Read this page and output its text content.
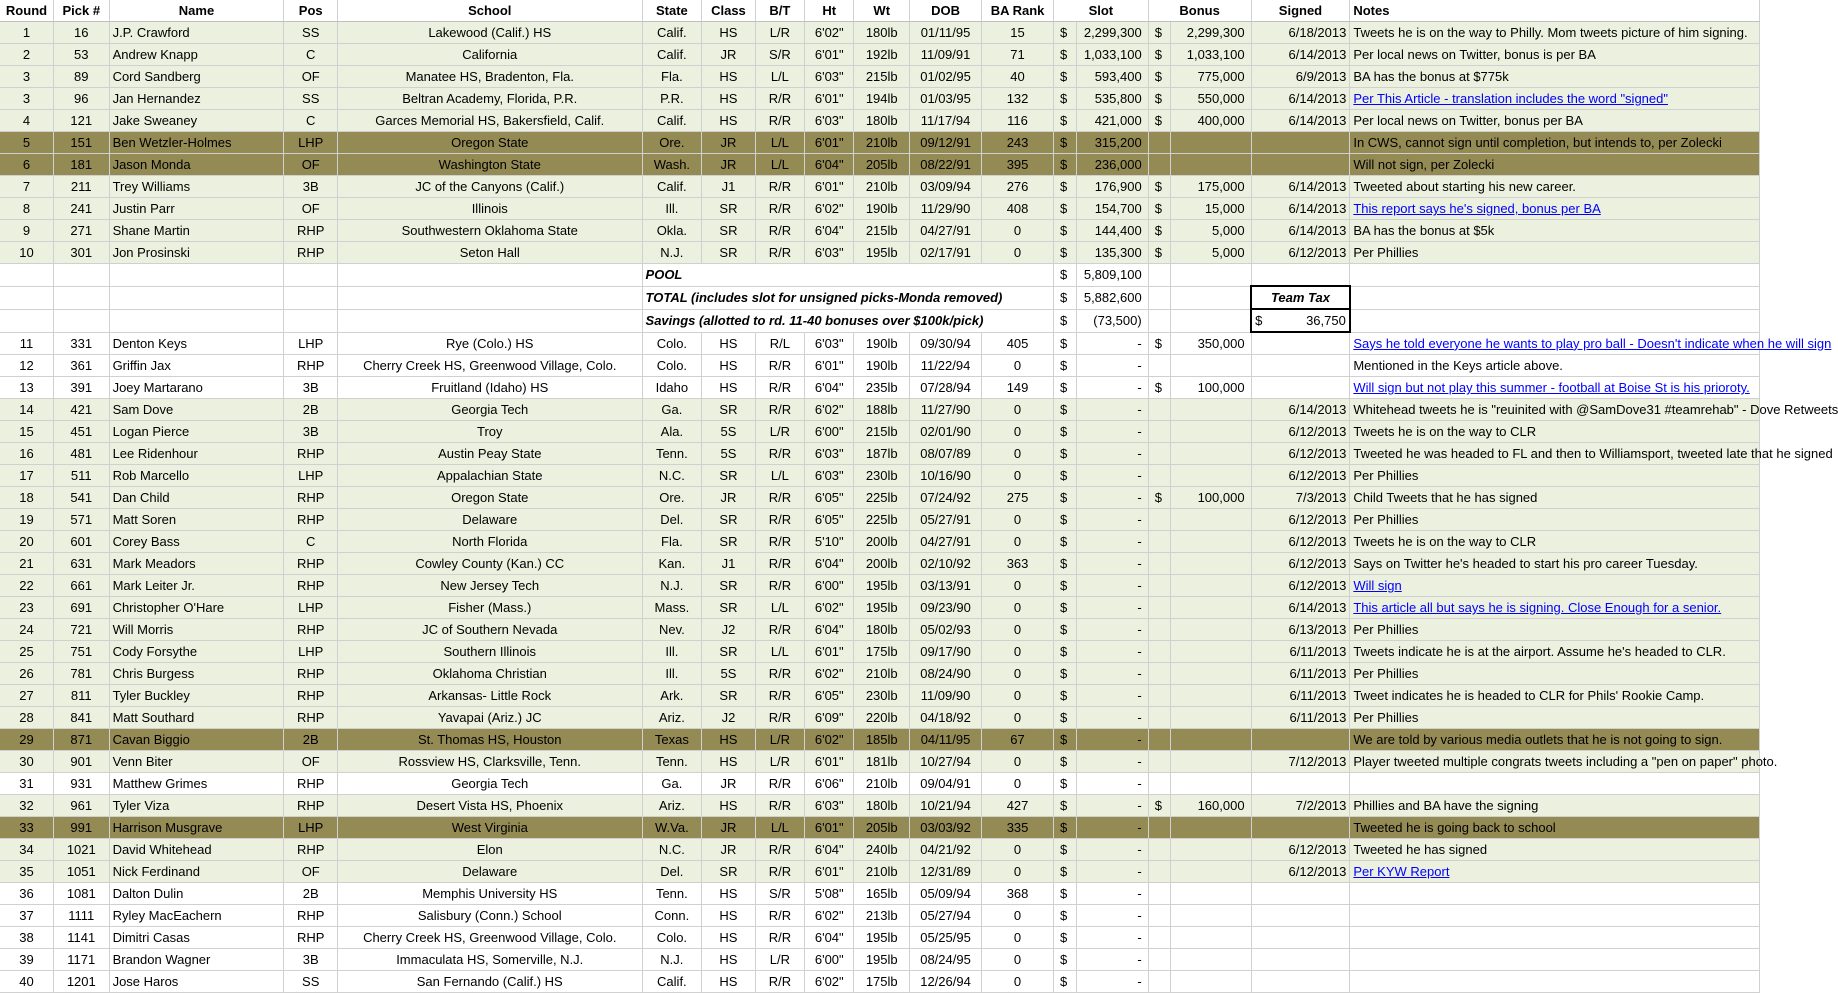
Round	Pick #	Name	Pos	School	State	Class	B/T	Ht	Wt	DOB	BA Rank	Slot		Bonus		Signed	Notes
1	16	J.P. Crawford	SS	Lakewood (Calif.) HS	Calif.	HS	L/R	6'02"	180lb	01/11/95	15	$	2,299,300	$	2,299,300	6/18/2013	Tweets he is on the way to Philly. Mom tweets picture of him signing.
2	53	Andrew Knapp	C	California	Calif.	JR	S/R	6'01"	192lb	11/09/91	71	$	1,033,100	$	1,033,100	6/14/2013	Per local news on Twitter, bonus is per BA
3	89	Cord Sandberg	OF	Manatee HS, Bradenton, Fla.	Fla.	HS	L/L	6'03"	215lb	01/02/95	40	$	593,400	$	775,000	6/9/2013	BA has the bonus at $775k
3	96	Jan Hernandez	SS	Beltran Academy, Florida, P.R.	P.R.	HS	R/R	6'01"	194lb	01/03/95	132	$	535,800	$	550,000	6/14/2013	Per This Article - translation includes the word "signed"
4	121	Jake Sweaney	C	Garces Memorial HS, Bakersfield, Calif.	Calif.	HS	R/R	6'03"	180lb	11/17/94	116	$	421,000	$	400,000	6/14/2013	Per local news on Twitter, bonus per BA
5	151	Ben Wetzler-Holmes	LHP	Oregon State	Ore.	JR	L/L	6'01"	210lb	09/12/91	243	$	315,200				In CWS, cannot sign until completion, but intends to, per Zolecki
6	181	Jason Monda	OF	Washington State	Wash.	JR	L/L	6'04"	205lb	08/22/91	395	$	236,000				Will not sign, per Zolecki
7	211	Trey Williams	3B	JC of the Canyons (Calif.)	Calif.	J1	R/R	6'01"	210lb	03/09/94	276	$	176,900	$	175,000	6/14/2013	Tweeted about starting his new career.
8	241	Justin Parr	OF	Illinois	Ill.	SR	R/R	6'02"	190lb	11/29/90	408	$	154,700	$	15,000	6/14/2013	This report says he's signed, bonus per BA
9	271	Shane Martin	RHP	Southwestern Oklahoma State	Okla.	SR	R/R	6'04"	215lb	04/27/91	0	$	144,400	$	5,000	6/14/2013	BA has the bonus at $5k
10	301	Jon Prosinski	RHP	Seton Hall	N.J.	SR	R/R	6'03"	195lb	02/17/91	0	$	135,300	$	5,000	6/12/2013	Per Phillies
					POOL							$	5,809,100				
					TOTAL (includes slot for unsigned picks-Monda removed)							$	5,882,600			Team Tax	
					Savings (allotted to rd. 11-40 bonuses over $100k/pick)							$	(73,500)			$ 36,750	

11	331	Denton Keys	LHP	Rye (Colo.) HS	Colo.	HS	R/L	6'03"	190lb	09/30/94	405	$	-	$	350,000		Says he told everyone he wants to play pro ball - Doesn't indicate when he will sign
12	361	Griffin Jax	RHP	Cherry Creek HS, Greenwood Village, Colo.	Colo.	HS	R/R	6'01"	190lb	11/22/94	0	$	-				Mentioned in the Keys article above.
13	391	Joey Martarano	3B	Fruitland (Idaho) HS	Idaho	HS	R/R	6'04"	235lb	07/28/94	149	$	-	$	100,000		Will sign but not play this summer - football at Boise St is his prioroty.
14	421	Sam Dove	2B	Georgia Tech	Ga.	SR	R/R	6'02"	188lb	11/27/90	0	$	-			6/14/2013	Whitehead tweets he is "reuinited with @SamDove31 #teamrehab" - Dove Retweets
15	451	Logan Pierce	3B	Troy	Ala.	5S	L/R	6'00"	215lb	02/01/90	0	$	-			6/12/2013	Tweets he is on the way to CLR
16	481	Lee Ridenhour	RHP	Austin Peay State	Tenn.	5S	R/R	6'03"	187lb	08/07/89	0	$	-			6/12/2013	Tweeted he was headed to FL and then to Williamsport, tweeted late that he signed
17	511	Rob Marcello	LHP	Appalachian State	N.C.	SR	L/L	6'03"	230lb	10/16/90	0	$	-			6/12/2013	Per Phillies
18	541	Dan Child	RHP	Oregon State	Ore.	JR	R/R	6'05"	225lb	07/24/92	275	$	-	$	100,000	7/3/2013	Child Tweets that he has signed
19	571	Matt Soren	RHP	Delaware	Del.	SR	R/R	6'05"	225lb	05/27/91	0	$	-			6/12/2013	Per Phillies
20	601	Corey Bass	C	North Florida	Fla.	SR	R/R	5'10"	200lb	04/27/91	0	$	-			6/12/2013	Tweets he is on the way to CLR
21	631	Mark Meadors	RHP	Cowley County (Kan.) CC	Kan.	J1	R/R	6'04"	200lb	02/10/92	363	$	-			6/12/2013	Says on Twitter he's headed to start his pro career Tuesday.
22	661	Mark Leiter Jr.	RHP	New Jersey Tech	N.J.	SR	R/R	6'00"	195lb	03/13/91	0	$	-			6/12/2013	Will sign
23	691	Christopher O'Hare	LHP	Fisher (Mass.)	Mass.	SR	L/L	6'02"	195lb	09/23/90	0	$	-			6/14/2013	This article all but says he is signing. Close Enough for a senior.
24	721	Will Morris	RHP	JC of Southern Nevada	Nev.	J2	R/R	6'04"	180lb	05/02/93	0	$	-			6/13/2013	Per Phillies
25	751	Cody Forsythe	LHP	Southern Illinois	Ill.	SR	L/L	6'01"	175lb	09/17/90	0	$	-			6/11/2013	Tweets indicate he is at the airport. Assume he's headed to CLR.
26	781	Chris Burgess	RHP	Oklahoma Christian	Ill.	5S	R/R	6'02"	210lb	08/24/90	0	$	-			6/11/2013	Per Phillies
27	811	Tyler Buckley	RHP	Arkansas- Little Rock	Ark.	SR	R/R	6'05"	230lb	11/09/90	0	$	-			6/11/2013	Tweet indicates he is headed to CLR for Phils' Rookie Camp.
28	841	Matt Southard	RHP	Yavapai (Ariz.) JC	Ariz.	J2	R/R	6'09"	220lb	04/18/92	0	$	-			6/11/2013	Per Phillies
29	871	Cavan Biggio	2B	St. Thomas HS, Houston	Texas	HS	L/R	6'02"	185lb	04/11/95	67	$	-				We are told by various media outlets that he is not going to sign.
30	901	Venn Biter	OF	Rossview HS, Clarksville, Tenn.	Tenn.	HS	L/R	6'01"	181lb	10/27/94	0	$	-			7/12/2013	Player tweeted multiple congrats tweets including a "pen on paper" photo.
31	931	Matthew Grimes	RHP	Georgia Tech	Ga.	JR	R/R	6'06"	210lb	09/04/91	0	$	-				
32	961	Tyler Viza	RHP	Desert Vista HS, Phoenix	Ariz.	HS	R/R	6'03"	180lb	10/21/94	427	$	-	$	160,000	7/2/2013	Phillies and BA have the signing
33	991	Harrison Musgrave	LHP	West Virginia	W.Va.	JR	L/L	6'01"	205lb	03/03/92	335	$	-				Tweeted he is going back to school
34	1021	David Whitehead	RHP	Elon	N.C.	JR	R/R	6'04"	240lb	04/21/92	0	$	-			6/12/2013	Tweeted he has signed
35	1051	Nick Ferdinand	OF	Delaware	Del.	SR	R/R	6'01"	210lb	12/31/89	0	$	-			6/12/2013	Per KYW Report
36	1081	Dalton Dulin	2B	Memphis University HS	Tenn.	HS	S/R	5'08"	165lb	05/09/94	368	$	-				
37	1111	Ryley MacEachern	RHP	Salisbury (Conn.) School	Conn.	HS	R/R	6'02"	213lb	05/27/94	0	$	-				
38	1141	Dimitri Casas	RHP	Cherry Creek HS, Greenwood Village, Colo.	Colo.	HS	R/R	6'04"	195lb	05/25/95	0	$	-				
39	1171	Brandon Wagner	3B	Immaculata HS, Somerville, N.J.	N.J.	HS	L/R	6'00"	195lb	08/24/95	0	$	-				
40	1201	Jose Haros	SS	San Fernando (Calif.) HS	Calif.	HS	R/R	6'02"	175lb	12/26/94	0	$	-				
